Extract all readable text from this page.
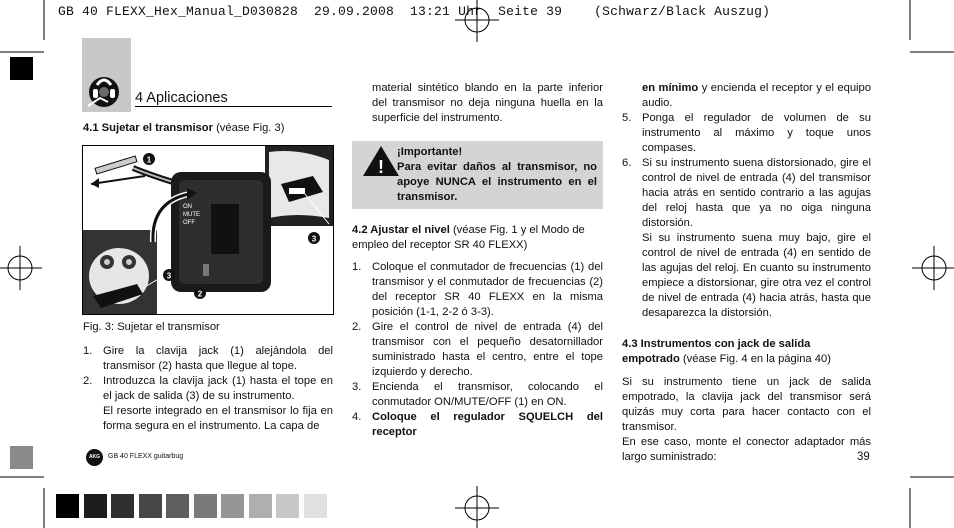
GB 40 FLEXX_Hex_Manual_D030828  29.09.2008  13:21 Uhr  Seite 39    (Schwarz/Black Auszug)
4 Aplicaciones
4.1 Sujetar el transmisor (véase Fig. 3)
ON
MUTE
OFF
1
2
3
3
Fig. 3: Sujetar el transmisor
1. Gire la clavija jack (1) alejándola del transmisor (2) hasta que llegue al tope.

2. Introduzca la clavija jack (1) hasta el tope en el jack de salida (3) de su instrumento.

El resorte integrado en el transmisor lo fija en forma segura en el instrumento. La capa de

material sintético blando en la parte inferior del transmisor no deja ninguna huella en la superficie del instrumento.

!

¡Importante!

Para evitar daños al transmisor, no apoye NUNCA el instrumento en el transmisor.

4.2 Ajustar el nivel (véase Fig. 1 y el Modo de empleo del receptor SR 40 FLEXX)

1. Coloque el conmutador de frecuencias (1) del transmisor y el conmutador de frecuencias (2) del receptor SR 40 FLEXX en la misma posición (1-1, 2-2 ó 3-3).

2. Gire el control de nivel de entrada (4) del transmisor con el pequeño desatornillador suministrado hasta el centro, entre el tope izquierdo y derecho.

3. Encienda el transmisor, colocando el conmutador ON/MUTE/OFF (1) en ON.

4. Coloque el regulador SQUELCH del receptor

en mínimo y encienda el receptor y el equipo audio.

5. Ponga el regulador de volumen de su instrumento al máximo y toque unos compases.

6. Si su instrumento suena distorsionado, gire el control de nivel de entrada (4) del transmisor hacia atrás en sentido contrario a las agujas del reloj hasta que ya no oiga ninguna distorsión.

Si su instrumento suena muy bajo, gire el control de nivel de entrada (4) en sentido de las agujas del reloj. En cuanto su instrumento empiece a distorsionar, gire otra vez el control de nivel de entrada (4) hacia atrás, hasta que desaparezca la distorsión.

4.3 Instrumentos con jack de salida empotrado (véase Fig. 4 en la página 40)

Si su instrumento tiene un jack de salida empotrado, la clavija jack del transmisor será quizás muy corta para hacer contacto con el transmisor.

En ese caso, monte el conector adaptador más largo suministrado:

AKG	GB 40 FLEXX guitarbug	39
